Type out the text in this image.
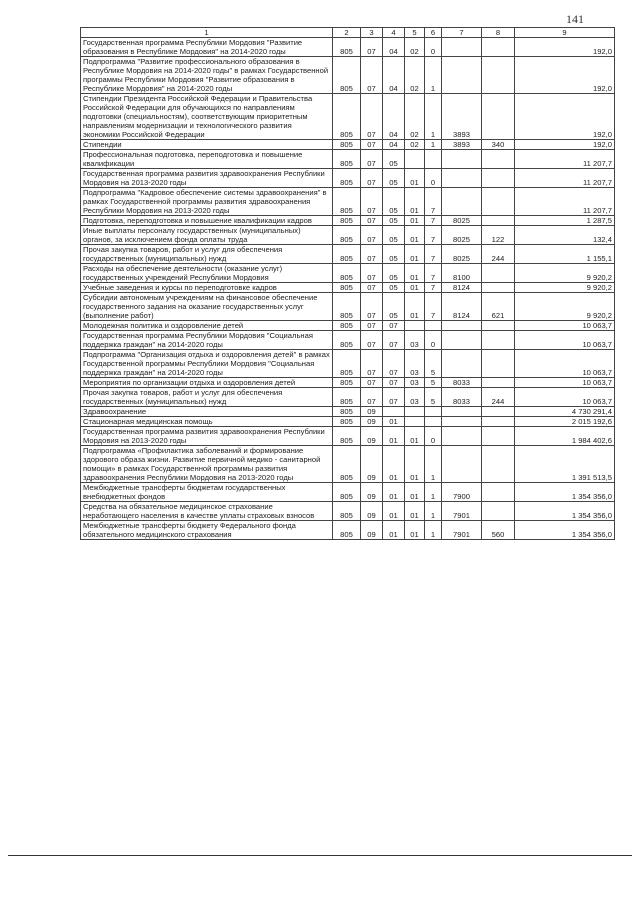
141
1	2	3	4	5	6	7	8	9
Государственная программа Республики Мордовия "Развитие образования в Республике Мордовия" на 2014-2020 годы	805	07	04	02	0			192,0
Подпрограмма "Развитие профессионального образования в Республике Мордовия на 2014-2020 годы" в рамках Государственной программы Республики Мордовия "Развитие образования в Республике Мордовия" на 2014-2020 годы	805	07	04	02	1			192,0
Стипендии Президента Российской Федерации и Правительства Российской Федерации для обучающихся по направлениям подготовки (специальностям), соответствующим приоритетным направлениям модернизации и технологического развития экономики Российской Федерации	805	07	04	02	1	3893		192,0
Стипендии	805	07	04	02	1	3893	340	192,0
Профессиональная подготовка, переподготовка и повышение квалификации	805	07	05					11 207,7
Государственная программа развития здравоохранения Республики Мордовия на 2013-2020 годы	805	07	05	01	0			11 207,7
Подпрограмма "Кадровое обеспечение системы здравоохранения" в рамках Государственной программы развития здравоохранения Республики Мордовия на 2013-2020 годы	805	07	05	01	7			11 207,7
Подготовка, переподготовка и повышение квалификации кадров	805	07	05	01	7	8025		1 287,5
Иные выплаты персоналу государственных (муниципальных) органов, за исключением фонда оплаты труда	805	07	05	01	7	8025	122	132,4
Прочая закупка товаров, работ и услуг для обеспечения государственных (муниципальных) нужд	805	07	05	01	7	8025	244	1 155,1
Расходы на обеспечение деятельности (оказание услуг) государственных учреждений Республики Мордовия	805	07	05	01	7	8100		9 920,2
Учебные заведения и курсы по переподготовке кадров	805	07	05	01	7	8124		9 920,2
Субсидии автономным учреждениям на финансовое обеспечение государственного задания на оказание государственных услуг (выполнение работ)	805	07	05	01	7	8124	621	9 920,2
Молодежная политика и оздоровление детей	805	07	07					10 063,7
Государственная программа Республики Мордовия "Социальная поддержка граждан" на 2014-2020 годы	805	07	07	03	0			10 063,7
Подпрограмма "Организация отдыха и оздоровления детей" в рамках Государственной программы Республики Мордовия "Социальная поддержка граждан" на 2014-2020 годы	805	07	07	03	5			10 063,7
Мероприятия по организации отдыха и оздоровления детей	805	07	07	03	5	8033		10 063,7
Прочая закупка товаров, работ и услуг для обеспечения государственных (муниципальных) нужд	805	07	07	03	5	8033	244	10 063,7
Здравоохранение	805	09						4 730 291,4
Стационарная медицинская помощь	805	09	01					2 015 192,6
Государственная программа развития здравоохранения Республики Мордовия на 2013-2020 годы	805	09	01	01	0			1 984 402,6
Подпрограмма «Профилактика заболеваний и формирование здорового образа жизни. Развитие первичной медико - санитарной помощи» в рамках Государственной программы развития здравоохранения Республики Мордовия на 2013-2020 годы	805	09	01	01	1			1 391 513,5
Межбюджетные трансферты бюджетам государственных внебюджетных фондов	805	09	01	01	1	7900		1 354 356,0
Средства на обязательное медицинское страхование неработающего населения в качестве уплаты страховых взносов	805	09	01	01	1	7901		1 354 356,0
Межбюджетные трансферты бюджету Федерального фонда обязательного медицинского страхования	805	09	01	01	1	7901	560	1 354 356,0
